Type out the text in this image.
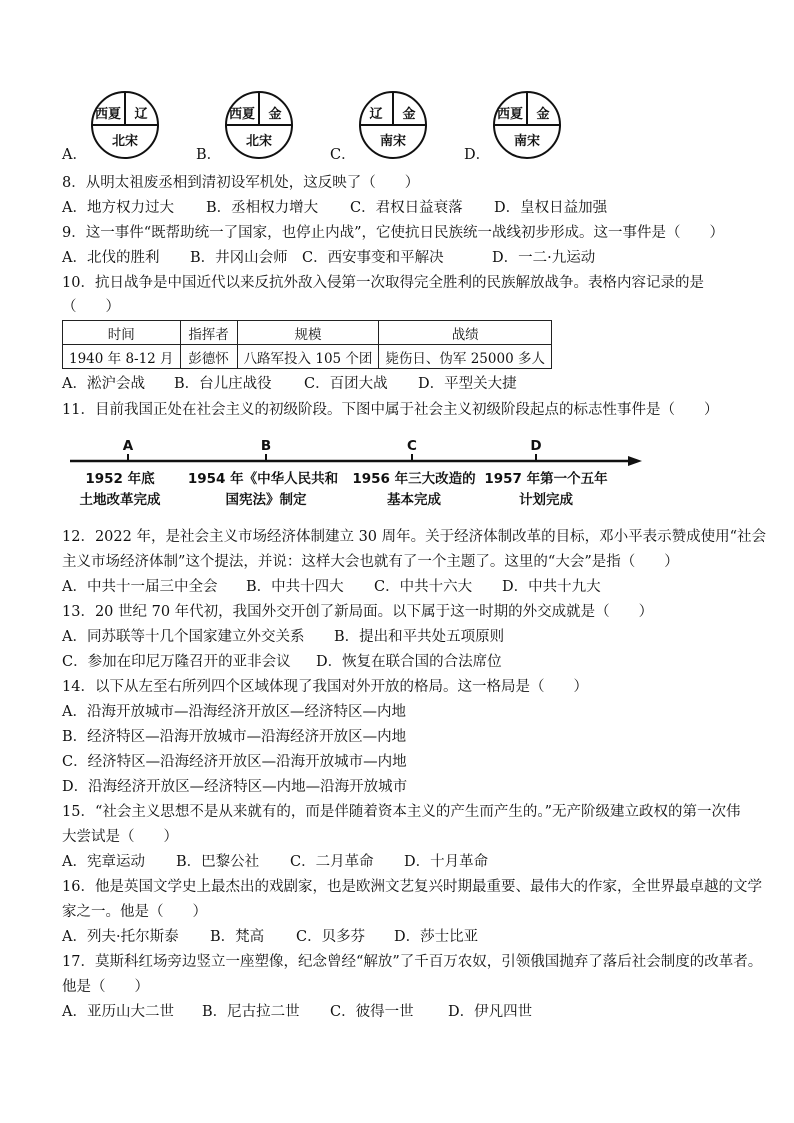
A．
西夏 辽
北宋
B．
西夏 金
北宋
C．
辽 金
南宋
D．
西夏 金
南宋
8．从明太祖废丞相到清初设军机处，这反映了（　　）
A．地方权力过大 B．丞相权力增大 C．君权日益衰落 D．皇权日益加强
9．这一事件“既帮助统一了国家，也停止内战”，它使抗日民族统一战线初步形成。这一事件是（　　）
A．北伐的胜利 B．井冈山会师 C．西安事变和平解决	D．一二·九运动
10．抗日战争是中国近代以来反抗外敌入侵第一次取得完全胜利的民族解放战争。表格内容记录的是
（　　）
时间	指挥者	规模	战绩
1940 年 8-12 月	彭德怀	八路军投入 105 个团	毙伤日、伪军 25000 多人
A．淞沪会战 B．台儿庄战役 C．百团大战 D．平型关大捷
11．目前我国正处在社会主义的初级阶段。下图中属于社会主义初级阶段起点的标志性事件是（　　）
A
1952 年底
土地改革完成
B
1954 年《中华人民共和
国宪法》制定
C
1956 年三大改造的
基本完成
D
1957 年第一个五年
计划完成
12．2022 年，是社会主义市场经济体制建立 30 周年。关于经济体制改革的目标，邓小平表示赞成使用“社会
主义市场经济体制”这个提法，并说：这样大会也就有了一个主题了。这里的“大会”是指（　　）
A．中共十一届三中全会 B．中共十四大 C．中共十六大 D．中共十九大
13．20 世纪 70 年代初，我国外交开创了新局面。以下属于这一时期的外交成就是（　　）
A．同苏联等十几个国家建立外交关系 B．提出和平共处五项原则
C．参加在印尼万隆召开的亚非会议 D．恢复在联合国的合法席位
14．以下从左至右所列四个区域体现了我国对外开放的格局。这一格局是（　　）
A．沿海开放城市—沿海经济开放区—经济特区—内地
B．经济特区—沿海开放城市—沿海经济开放区—内地
C．经济特区—沿海经济开放区—沿海开放城市—内地
D．沿海经济开放区—经济特区—内地—沿海开放城市
15．“社会主义思想不是从来就有的，而是伴随着资本主义的产生而产生的。”无产阶级建立政权的第一次伟
大尝试是（　　）
A．宪章运动 B．巴黎公社 C．二月革命 D．十月革命
16．他是英国文学史上最杰出的戏剧家，也是欧洲文艺复兴时期最重要、最伟大的作家，全世界最卓越的文学
家之一。他是（　　）
A．列夫·托尔斯泰 B．梵高 C．贝多芬 D．莎士比亚
17．莫斯科红场旁边竖立一座塑像，纪念曾经“解放”了千百万农奴，引领俄国抛弃了落后社会制度的改革者。
他是（　　）
A．亚历山大二世 B．尼古拉二世 C．彼得一世 D．伊凡四世
